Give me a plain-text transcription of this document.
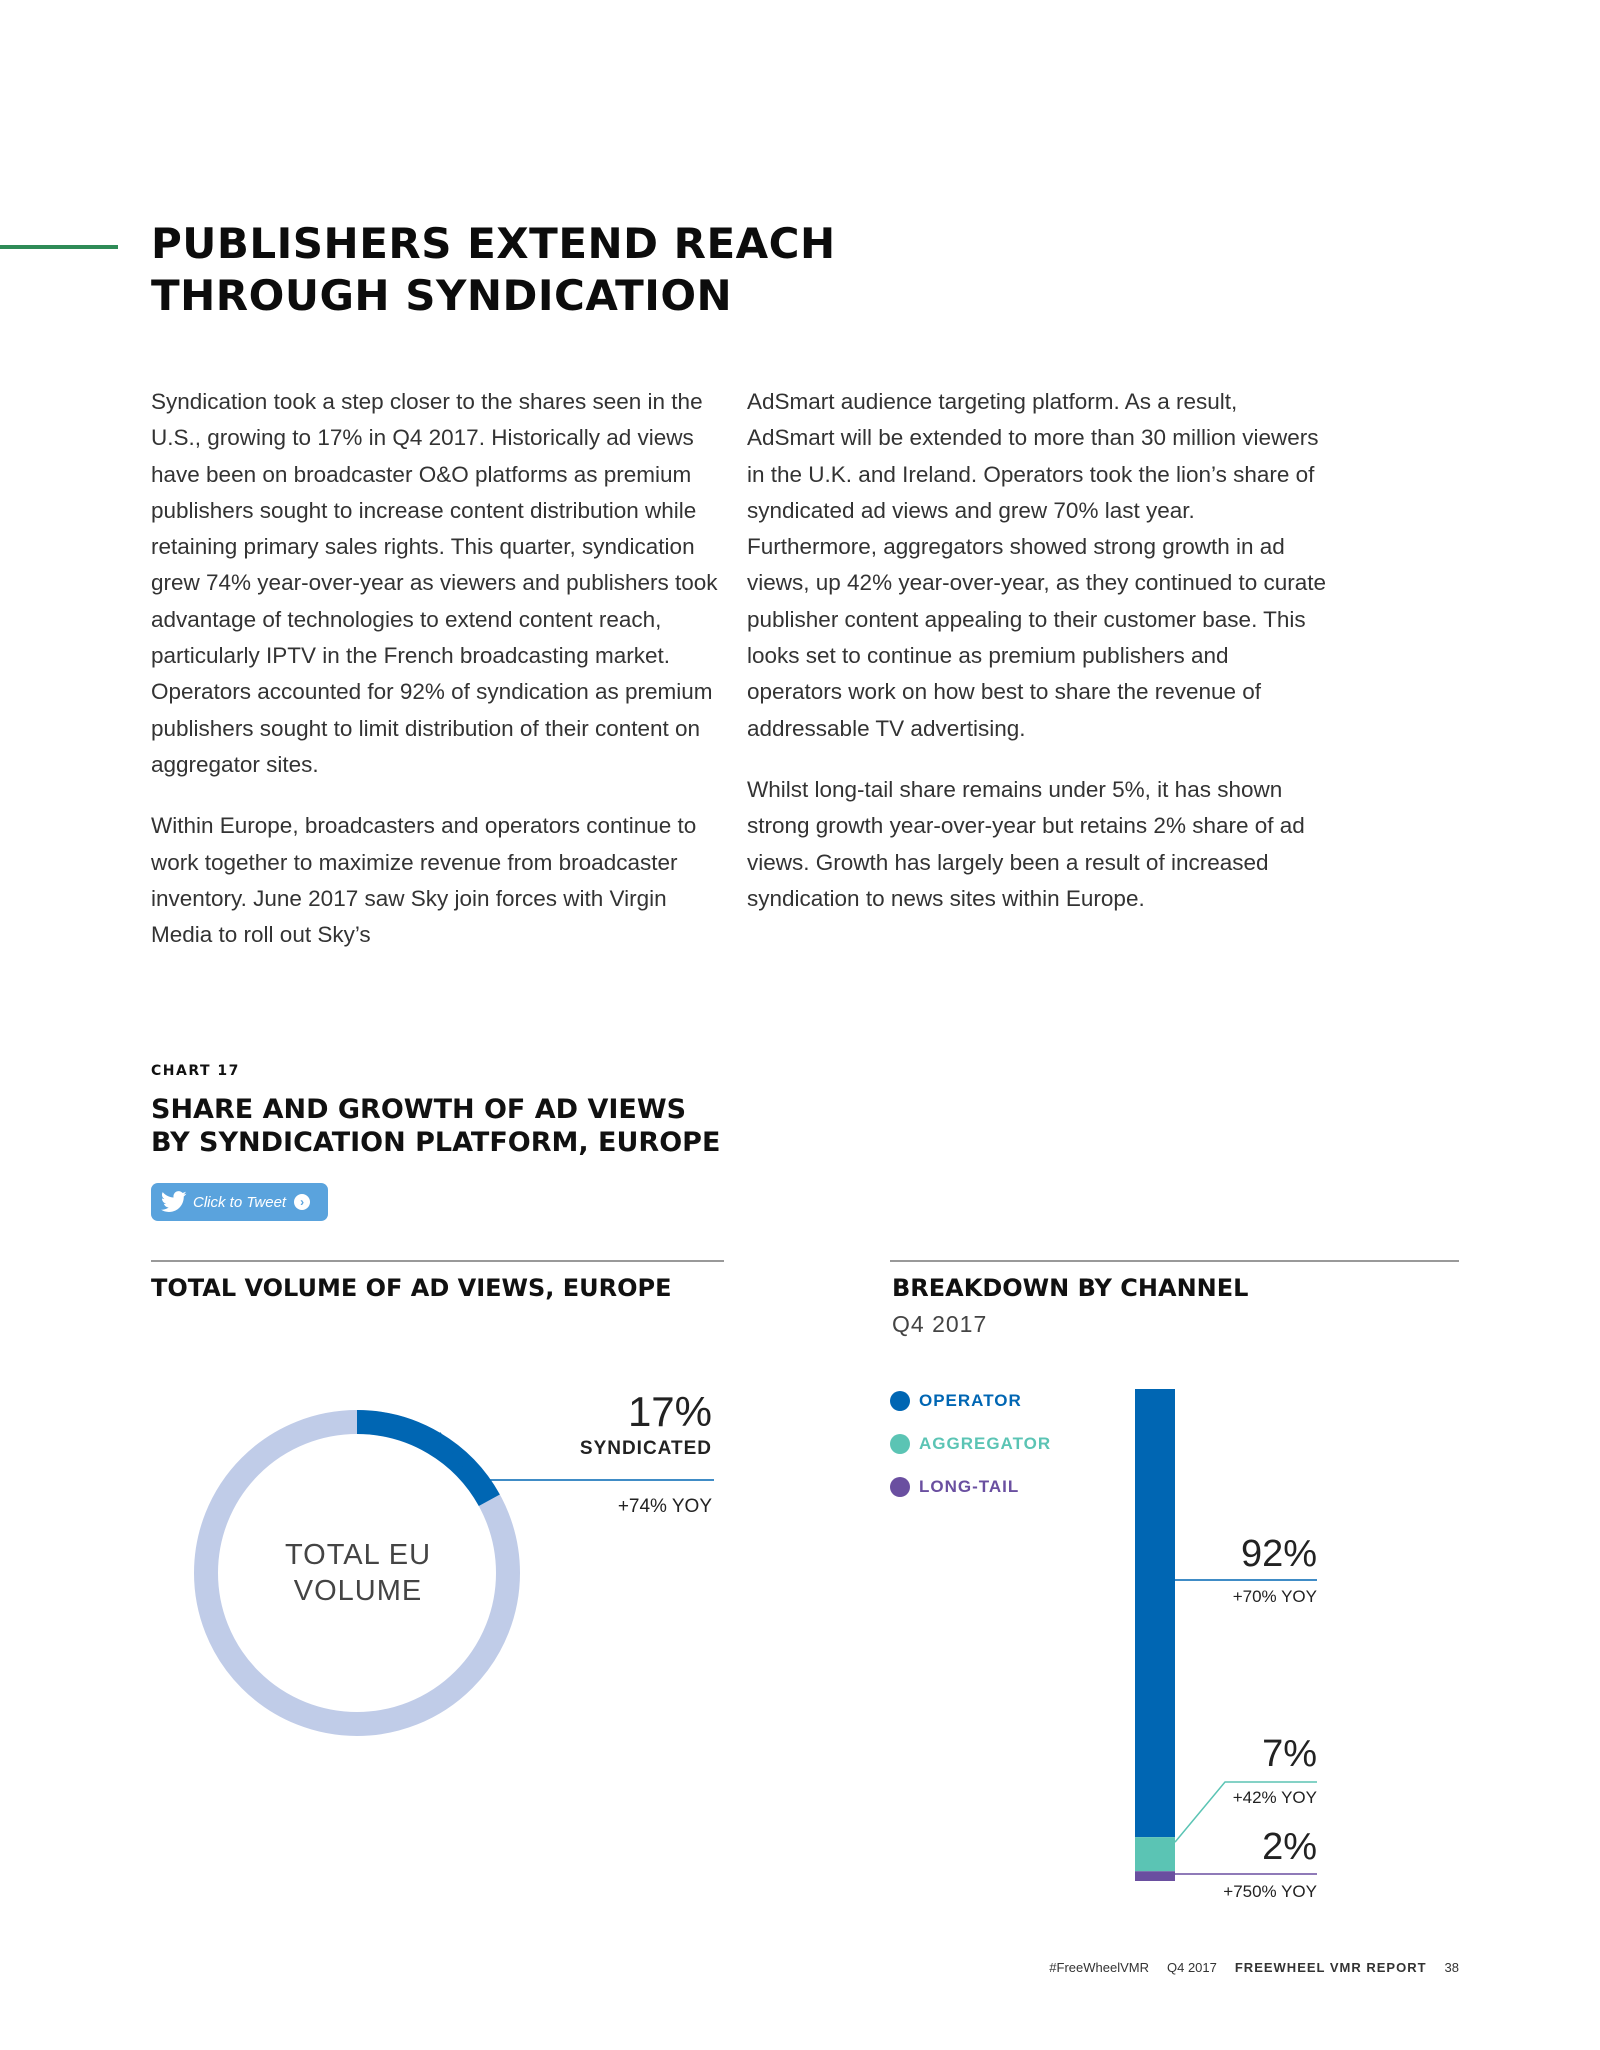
PUBLISHERS EXTEND REACH
THROUGH SYNDICATION

Syndication took a step closer to the shares seen in the U.S., growing to 17% in Q4 2017. Historically ad views have been on broadcaster O&O platforms as premium publishers sought to increase content distribution while retaining primary sales rights. This quarter, syndication grew 74% year-over-year as viewers and publishers took advantage of technologies to extend content reach, particularly IPTV in the French broadcasting market. Operators accounted for 92% of syndication as premium publishers sought to limit distribution of their content on aggregator sites.

Within Europe, broadcasters and operators continue to work together to maximize revenue from broadcaster inventory. June 2017 saw Sky join forces with Virgin Media to roll out Sky’s

AdSmart audience targeting platform. As a result, AdSmart will be extended to more than 30 million viewers in the U.K. and Ireland. Operators took the lion’s share of syndicated ad views and grew 70% last year. Furthermore, aggregators showed strong growth in ad views, up 42% year-over-year, as they continued to curate publisher content appealing to their customer base. This looks set to continue as premium publishers and operators work on how best to share the revenue of addressable TV advertising.

Whilst long-tail share remains under 5%, it has shown strong growth year-over-year but retains 2% share of ad views. Growth has largely been a result of increased syndication to news sites within Europe.

CHART 17
SHARE AND GROWTH OF AD VIEWS
BY SYNDICATION PLATFORM, EUROPE
Click to Tweet	›
TOTAL VOLUME OF AD VIEWS, EUROPE	BREAKDOWN BY CHANNEL
Q4 2017
TOTAL EU
VOLUME
17%
SYNDICATED
+74% YOY
OPERATOR
AGGREGATOR
LONG-TAIL
92%
+70% YOY
7%
+42% YOY
2%
+750% YOY
#FreeWheelVMR Q4 2017 FREEWHEEL VMR REPORT 38
